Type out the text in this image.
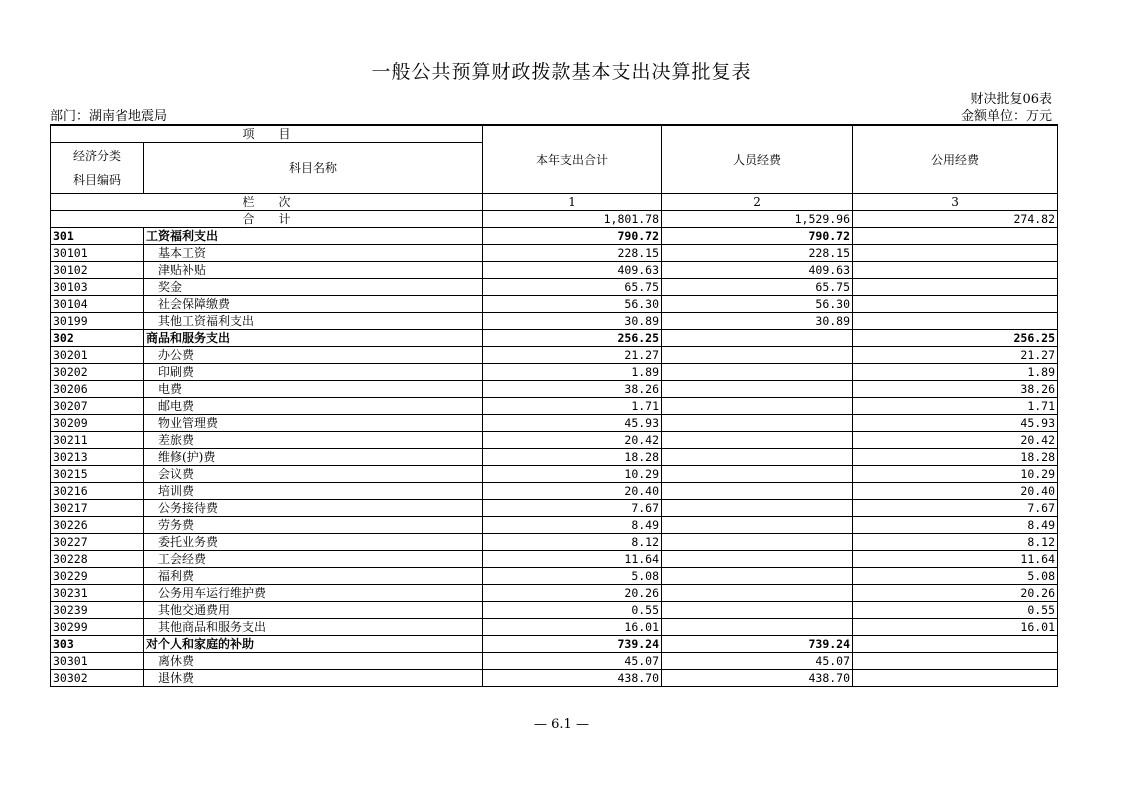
一般公共预算财政拨款基本支出决算批复表
财决批复06表
部门：湖南省地震局	金额单位：万元
项　　目		本年支出合计	人员经费	公用经费

经济分类
科目编码	科目名称			

栏　　次		1	2	3
合　　计		1,801.78	1,529.96	274.82
301	工资福利支出	790.72	790.72	
30101	基本工资	228.15	228.15	
30102	津贴补贴	409.63	409.63	
30103	奖金	65.75	65.75	
30104	社会保障缴费	56.30	56.30	
30199	其他工资福利支出	30.89	30.89	
302	商品和服务支出	256.25		256.25
30201	办公费	21.27		21.27
30202	印刷费	1.89		1.89
30206	电费	38.26		38.26
30207	邮电费	1.71		1.71
30209	物业管理费	45.93		45.93
30211	差旅费	20.42		20.42
30213	维修(护)费	18.28		18.28
30215	会议费	10.29		10.29
30216	培训费	20.40		20.40
30217	公务接待费	7.67		7.67
30226	劳务费	8.49		8.49
30227	委托业务费	8.12		8.12
30228	工会经费	11.64		11.64
30229	福利费	5.08		5.08
30231	公务用车运行维护费	20.26		20.26
30239	其他交通费用	0.55		0.55
30299	其他商品和服务支出	16.01		16.01
303	对个人和家庭的补助	739.24	739.24	
30301	离休费	45.07	45.07	
30302	退休费	438.70	438.70	
— 6.1 —
